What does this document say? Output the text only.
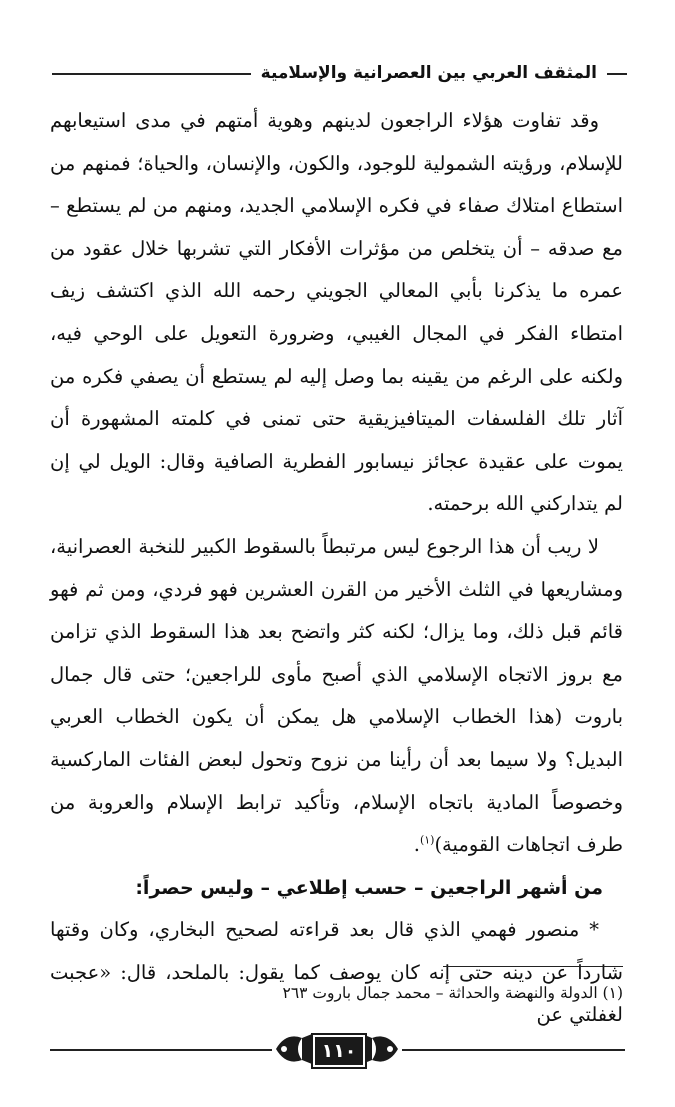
المثقف العربي بين العصرانية والإسلامية

وقد تفاوت هؤلاء الراجعون لدينهم وهوية أمتهم في مدى استيعابهم للإسلام، ورؤيته الشمولية للوجود، والكون، والإنسان، والحياة؛ فمنهم من استطاع امتلاك صفاء في فكره الإسلامي الجديد، ومنهم من لم يستطع – مع صدقه – أن يتخلص من مؤثرات الأفكار التي تشربها خلال عقود من عمره ما يذكرنا بأبي المعالي الجويني رحمه الله الذي اكتشف زيف امتطاء الفكر في المجال الغيبي، وضرورة التعويل على الوحي فيه، ولكنه على الرغم من يقينه بما وصل إليه لم يستطع أن يصفي فكره من آثار تلك الفلسفات الميتافيزيقية حتى تمنى في كلمته المشهورة أن يموت على عقيدة عجائز نيسابور الفطرية الصافية وقال: الويل لي إن لم يتداركني الله برحمته.

لا ريب أن هذا الرجوع ليس مرتبطاً بالسقوط الكبير للنخبة العصرانية، ومشاريعها في الثلث الأخير من القرن العشرين فهو فردي، ومن ثم فهو قائم قبل ذلك، وما يزال؛ لكنه كثر واتضح بعد هذا السقوط الذي تزامن مع بروز الاتجاه الإسلامي الذي أصبح مأوى للراجعين؛ حتى قال جمال باروت (هذا الخطاب الإسلامي هل يمكن أن يكون الخطاب العربي البديل؟ ولا سيما بعد أن رأينا من نزوح وتحول لبعض الفئات الماركسية وخصوصاً المادية باتجاه الإسلام، وتأكيد ترابط الإسلام والعروبة من طرف اتجاهات القومية)$^{(١)}$.

من أشهر الراجعين – حسب إطلاعي – وليس حصراً:

* منصور فهمي الذي قال بعد قراءته لصحيح البخاري، وكان وقتها شارداً عن دينه حتى إنه كان يوصف كما يقول: بالملحد، قال: «عجبت لغفلتي عن

(١) الدولة والنهضة والحداثة – محمد جمال باروت ٢٦٣
١١٠
